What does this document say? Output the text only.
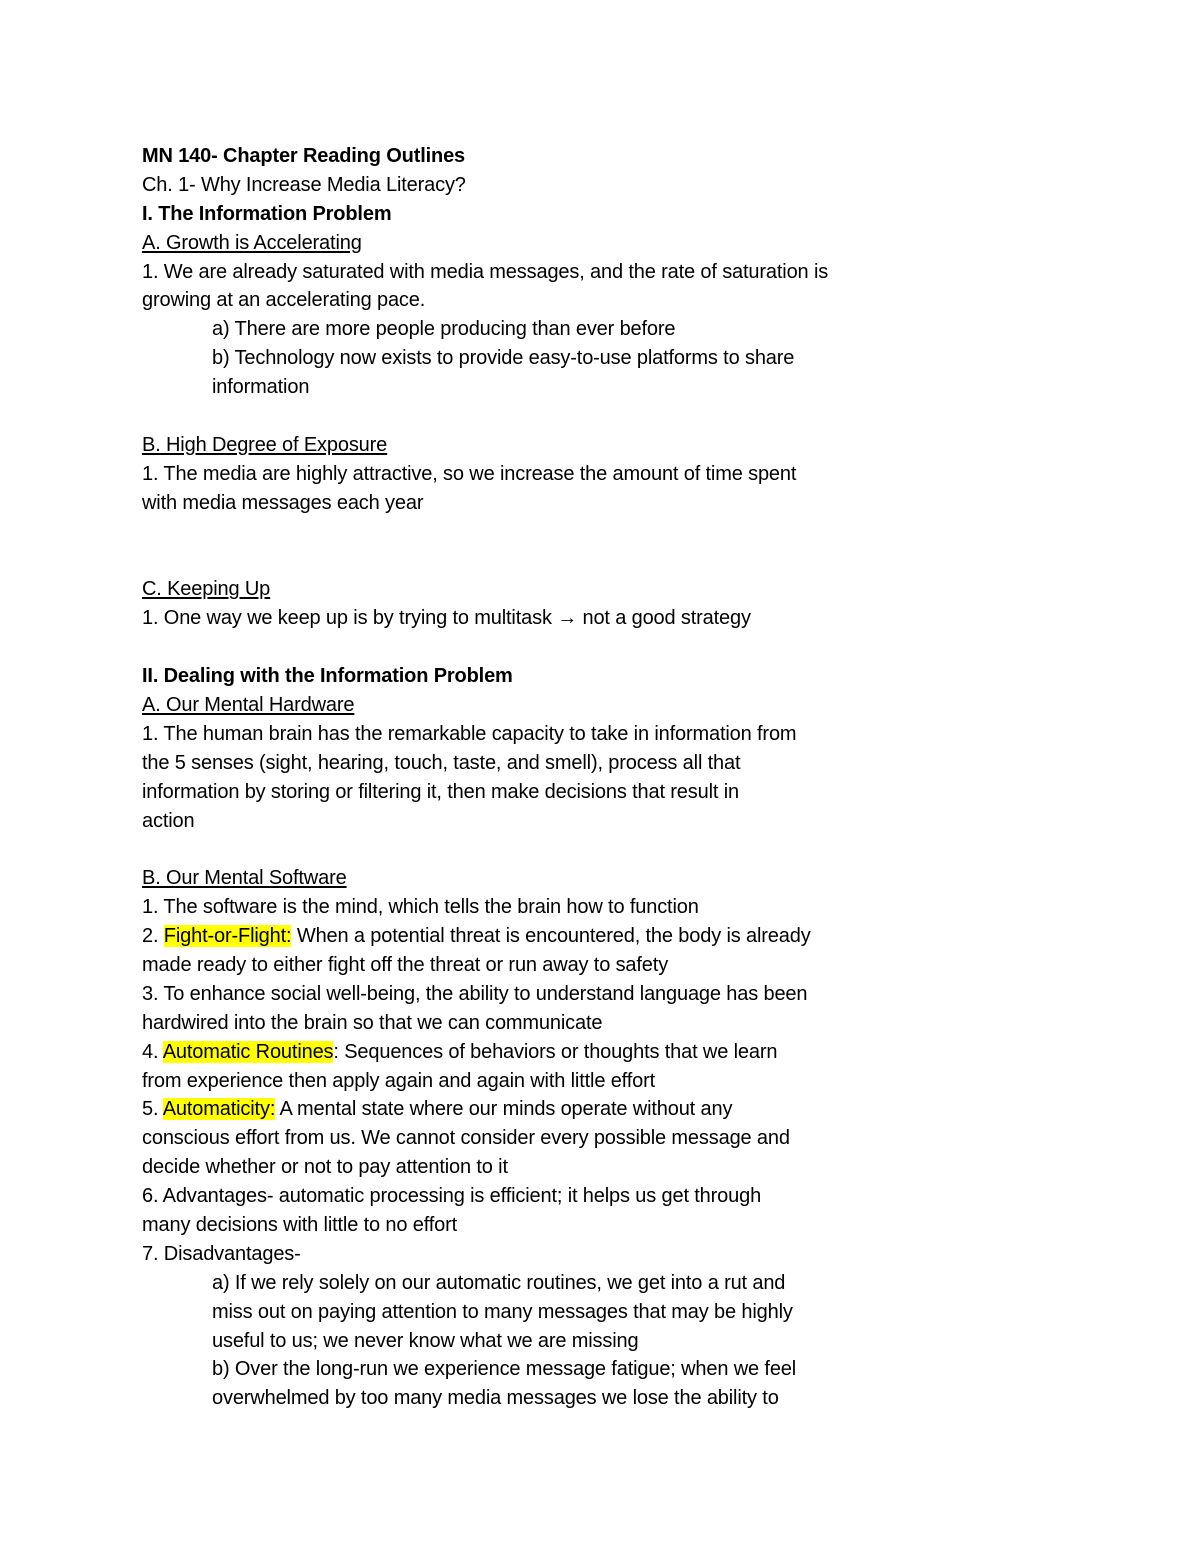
MN 140- Chapter Reading Outlines
Ch. 1- Why Increase Media Literacy?
I. The Information Problem
A. Growth is Accelerating
1. We are already saturated with media messages, and the rate of saturation is
growing at an accelerating pace.
a) There are more people producing than ever before
b) Technology now exists to provide easy-to-use platforms to share
information
B. High Degree of Exposure
1. The media are highly attractive, so we increase the amount of time spent
with media messages each year
C. Keeping Up
1. One way we keep up is by trying to multitask → not a good strategy
II. Dealing with the Information Problem
A. Our Mental Hardware
1. The human brain has the remarkable capacity to take in information from
the 5 senses (sight, hearing, touch, taste, and smell), process all that
information by storing or filtering it, then make decisions that result in
action
B. Our Mental Software
1. The software is the mind, which tells the brain how to function
2. Fight-or-Flight: When a potential threat is encountered, the body is already
made ready to either fight off the threat or run away to safety
3. To enhance social well-being, the ability to understand language has been
hardwired into the brain so that we can communicate
4. Automatic Routines: Sequences of behaviors or thoughts that we learn
from experience then apply again and again with little effort
5. Automaticity: A mental state where our minds operate without any
conscious effort from us. We cannot consider every possible message and
decide whether or not to pay attention to it
6. Advantages- automatic processing is efficient; it helps us get through
many decisions with little to no effort
7. Disadvantages-
a) If we rely solely on our automatic routines, we get into a rut and
miss out on paying attention to many messages that may be highly
useful to us; we never know what we are missing
b) Over the long-run we experience message fatigue; when we feel
overwhelmed by too many media messages we lose the ability to
